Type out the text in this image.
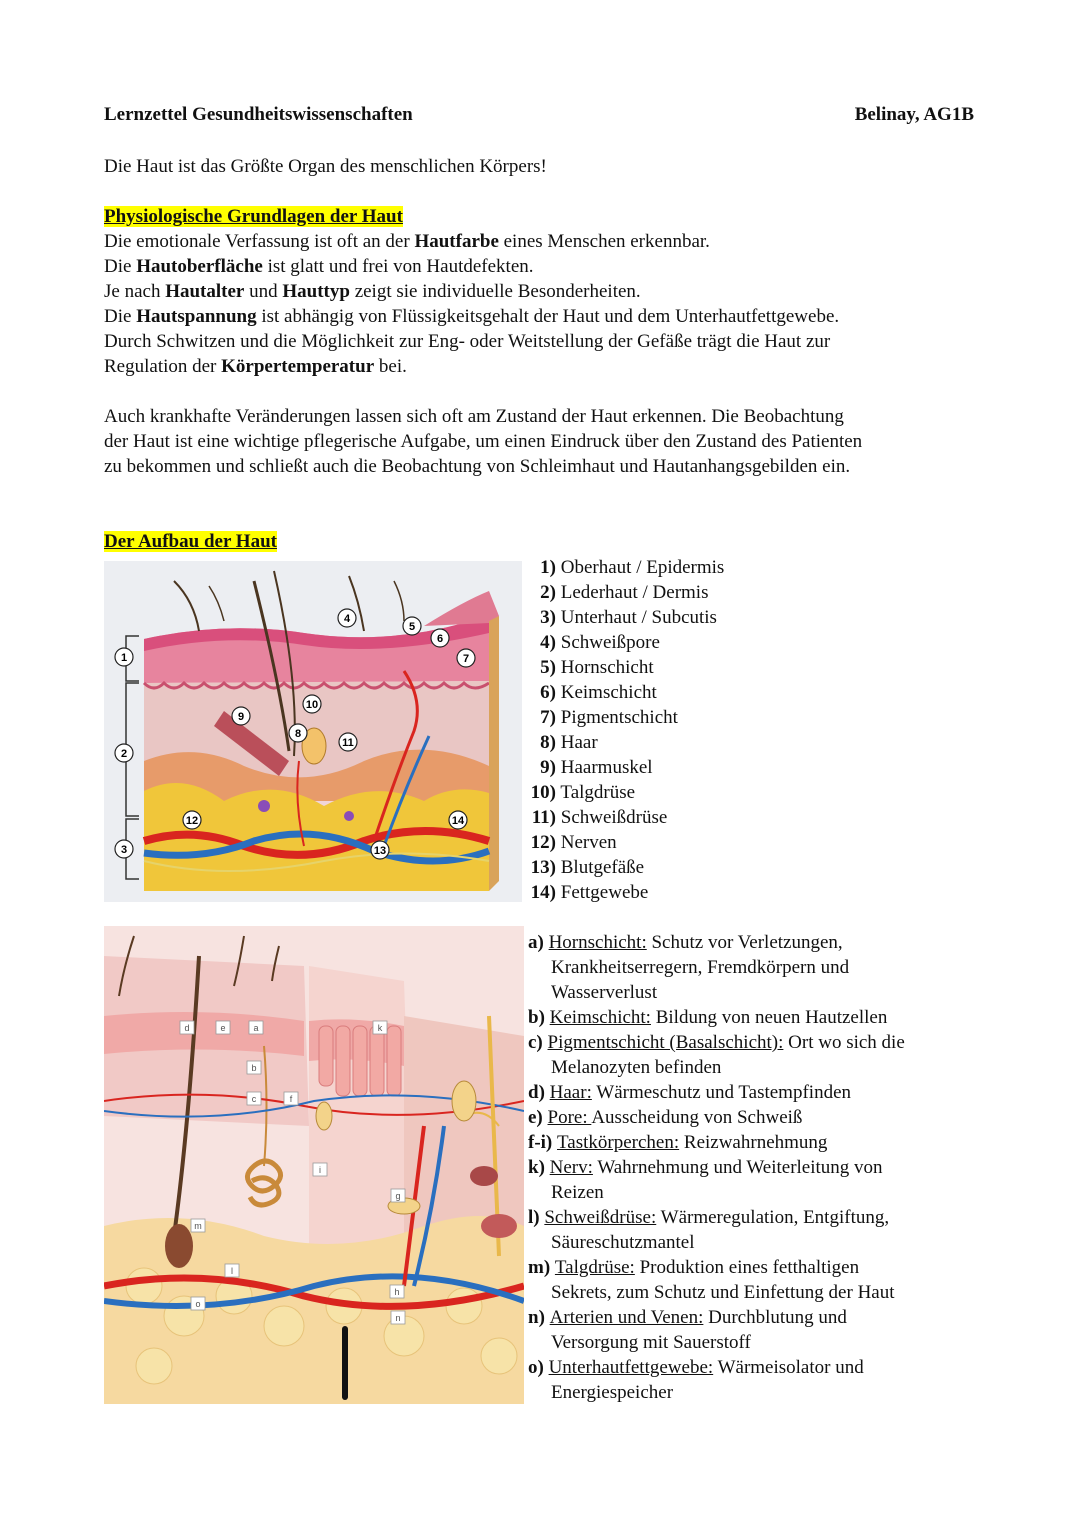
Lernzettel Gesundheitswissenschaften	Belinay, AG1B
Die Haut ist das Größte Organ des menschlichen Körpers!
Physiologische Grundlagen der Haut
Die emotionale Verfassung ist oft an der Hautfarbe eines Menschen erkennbar.
Die Hautoberfläche ist glatt und frei von Hautdefekten.
Je nach Hautalter und Hauttyp zeigt sie individuelle Besonderheiten.
Die Hautspannung ist abhängig von Flüssigkeitsgehalt der Haut und dem Unterhautfettgewebe.
Durch Schwitzen und die Möglichkeit zur Eng- oder Weitstellung der Gefäße trägt die Haut zur
Regulation der Körpertemperatur bei.
Auch krankhafte Veränderungen lassen sich oft am Zustand der Haut erkennen. Die Beobachtung
der Haut ist eine wichtige pflegerische Aufgabe, um einen Eindruck über den Zustand des Patienten
zu bekommen und schließt auch die Beobachtung von Schleimhaut und Hautanhangsgebilden ein.
Der Aufbau der Haut
1
2
3
4
5
6
7
8
9
10
11
12
13
14
1) Oberhaut / Epidermis
2) Lederhaut / Dermis
3) Unterhaut / Subcutis
4) Schweißpore
5) Hornschicht
6) Keimschicht
7) Pigmentschicht
8) Haar
9) Haarmuskel
10) Talgdrüse
11) Schweißdrüse
12) Nerven
13) Blutgefäße
14) Fettgewebe
d	e	a	k
b
c	f
i
g
m
l
o
h
n
a) Hornschicht: Schutz vor Verletzungen,
Krankheitserregern, Fremdkörpern und
Wasserverlust
b) Keimschicht: Bildung von neuen Hautzellen
c) Pigmentschicht (Basalschicht): Ort wo sich die
Melanozyten befinden
d) Haar: Wärmeschutz und Tastempfinden
e) Pore: Ausscheidung von Schweiß
f-i) Tastkörperchen: Reizwahrnehmung
k) Nerv: Wahrnehmung und Weiterleitung von
Reizen
l) Schweißdrüse: Wärmeregulation, Entgiftung,
Säureschutzmantel
m) Talgdrüse: Produktion eines fetthaltigen
Sekrets, zum Schutz und Einfettung der Haut
n) Arterien und Venen: Durchblutung und
Versorgung mit Sauerstoff
o) Unterhautfettgewebe: Wärmeisolator und
Energiespeicher
